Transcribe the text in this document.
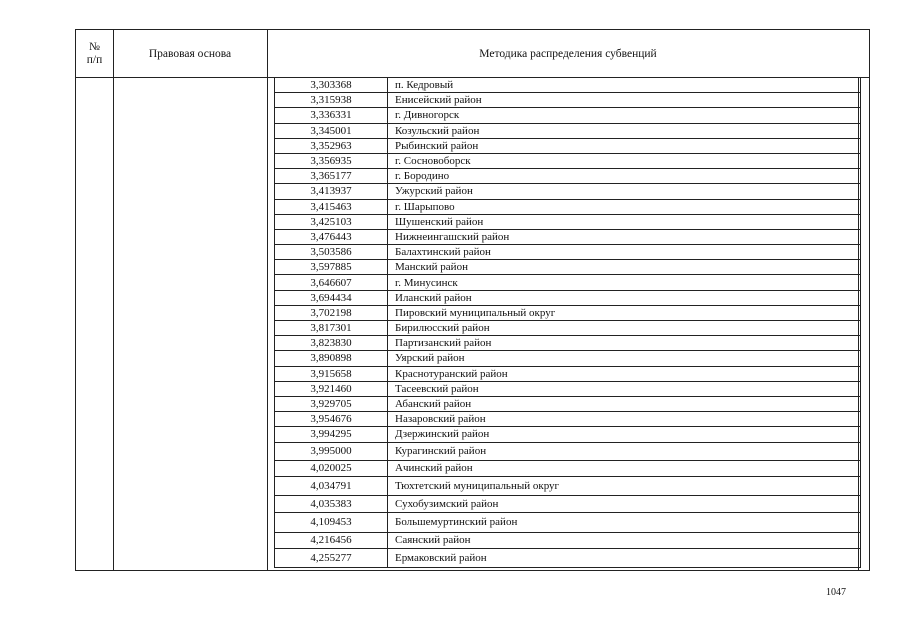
№
п/п
Правовая основа	Методика распределения субвенций
3,303368	п. Кедровый
3,315938	Енисейский район
3,336331	г. Дивногорск
3,345001	Козульский район
3,352963	Рыбинский район
3,356935	г. Сосновоборск
3,365177	г. Бородино
3,413937	Ужурский район
3,415463	г. Шарыпово
3,425103	Шушенский район
3,476443	Нижнеингашский район
3,503586	Балахтинский район
3,597885	Манский район
3,646607	г. Минусинск
3,694434	Иланский район
3,702198	Пировский муниципальный округ
3,817301	Бирилюсский район
3,823830	Партизанский район
3,890898	Уярский район
3,915658	Краснотуранский район
3,921460	Тасеевский район
3,929705	Абанский район
3,954676	Назаровский район
3,994295	Дзержинский район
3,995000	Курагинский район
4,020025	Ачинский район
4,034791	Тюхтетский муниципальный округ
4,035383	Сухобузимский район
4,109453	Большемуртинский район
4,216456	Саянский район
4,255277	Ермаковский район
1047
